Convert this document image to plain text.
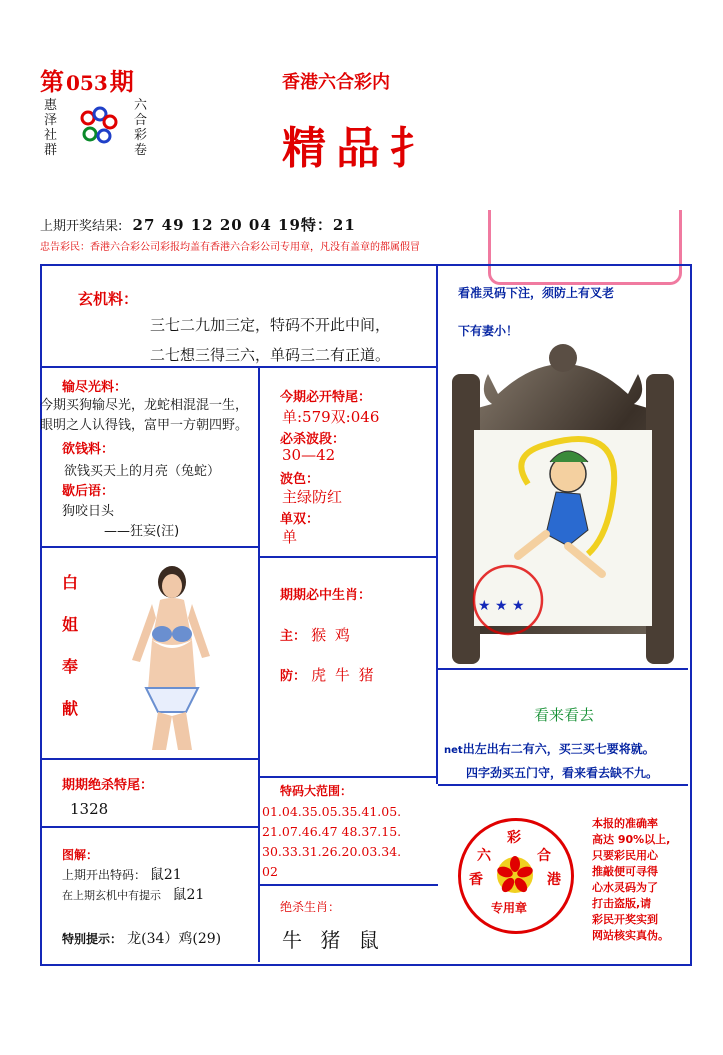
第 053期
惠泽社群
六合彩卷
香港六合彩内
精品扌
上期开奖结果: 27 49 12 20 04 19特：21
忠告彩民：香港六合彩公司彩报均盖有香港六合彩公司专用章，凡没有盖章的都属假冒
玄机料：
三七二九加三定，特码不开此中间，
二七想三得三六，单码三二有正道。
输尽光料：
今期买狗输尽光，龙蛇相混混一生，
眼明之人认得钱，富甲一方朝四野。
欲钱料：
欲钱买天上的月亮（兔蛇）
歇后语：
狗咬日头
——狂妄(汪)
今期必开特尾：
单:579双:046
必杀波段：
30—42
波色：
主绿防红
单双：
单
白
姐
奉
献
期期必中生肖：
主： 猴 鸡
防： 虎 牛 猪
看准灵码下注，须防上有叉老
下有妻小！
★ ★ ★
看来看去
net出左出右二有六，买三买七要将就。
四字劲买五门守，看来看去缺不九。
期期绝杀特尾：
1328
图解：
上期开出特码： 鼠21
在上期玄机中有提示 鼠21
特别提示： 龙(34）鸡(29)
特码大范围：
01.04.35.05.35.41.05.
21.07.46.47 48.37.15.
30.33.31.26.20.03.34.
02
绝杀生肖：
牛 猪 鼠
彩
六	合
香	港
专用章
本报的准确率
高达 90%以上,
只要彩民用心
推敲便可寻得
心水灵码为了
打击盗版,请
彩民开奖实到
网站核实真伪。
